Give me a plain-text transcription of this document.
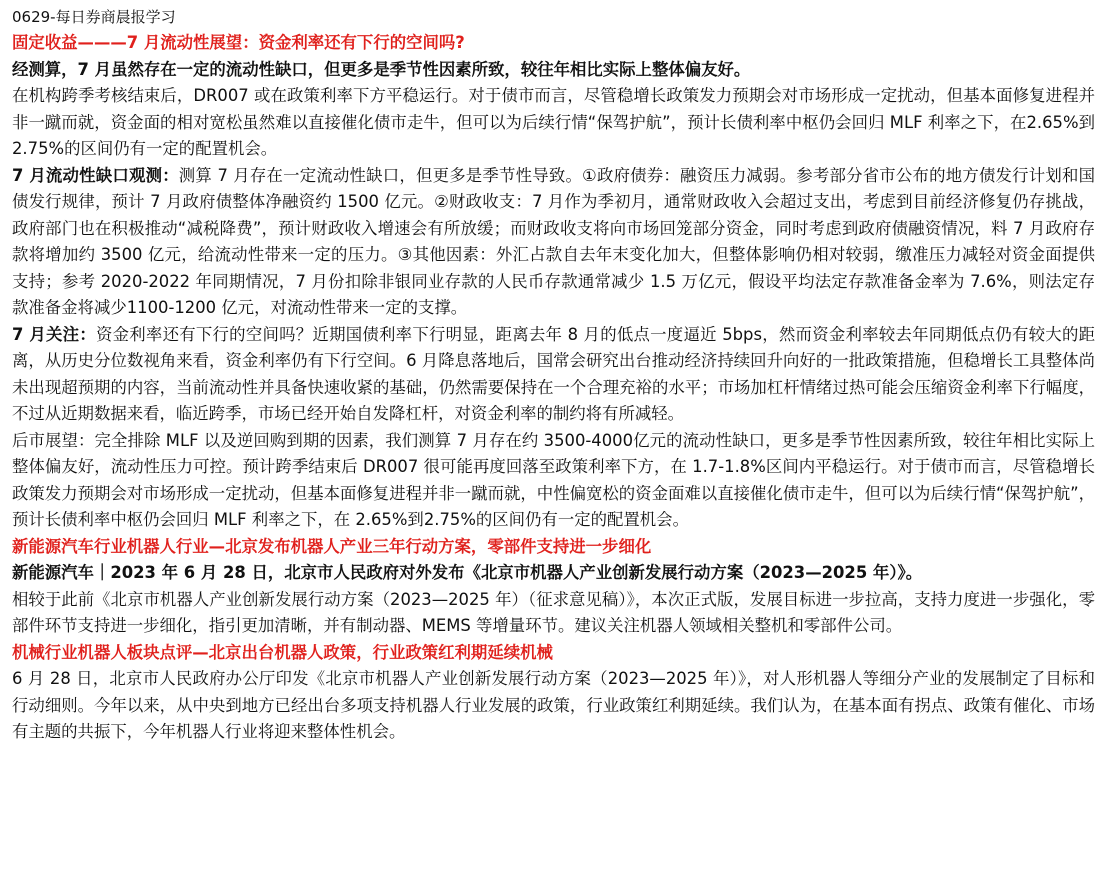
0629-每日券商晨报学习

固定收益———7 月流动性展望：资金利率还有下行的空间吗?

经测算，7 月虽然存在一定的流动性缺口，但更多是季节性因素所致，较往年相比实际上整体偏友好。

在机构跨季考核结束后，DR007 或在政策利率下方平稳运行。对于债市而言，尽管稳增长政策发力预期会对市场形成一定扰动，但基本面修复进程并非一蹴而就，资金面的相对宽松虽然难以直接催化债市走牛，但可以为后续行情“保驾护航”，预计长债利率中枢仍会回归 MLF 利率之下，在2.65%到 2.75%的区间仍有一定的配置机会。

7 月流动性缺口观测：测算 7 月存在一定流动性缺口，但更多是季节性导致。①政府债券：融资压力减弱。参考部分省市公布的地方债发行计划和国债发行规律，预计 7 月政府债整体净融资约 1500 亿元。②财政收支：7 月作为季初月，通常财政收入会超过支出，考虑到目前经济修复仍存挑战，政府部门也在积极推动“减税降费”，预计财政收入增速会有所放缓；而财政收支将向市场回笼部分资金，同时考虑到政府债融资情况，料 7 月政府存款将增加约 3500 亿元，给流动性带来一定的压力。③其他因素：外汇占款自去年末变化加大，但整体影响仍相对较弱，缴准压力减轻对资金面提供支持；参考 2020-2022 年同期情况，7 月份扣除非银同业存款的人民币存款通常减少 1.5 万亿元，假设平均法定存款准备金率为 7.6%，则法定存款准备金将减少1100-1200 亿元，对流动性带来一定的支撑。

7 月关注：资金利率还有下行的空间吗？近期国债利率下行明显，距离去年 8 月的低点一度逼近 5bps，然而资金利率较去年同期低点仍有较大的距离，从历史分位数视角来看，资金利率仍有下行空间。6 月降息落地后，国常会研究出台推动经济持续回升向好的一批政策措施，但稳增长工具整体尚未出现超预期的内容，当前流动性并具备快速收紧的基础，仍然需要保持在一个合理充裕的水平；市场加杠杆情绪过热可能会压缩资金利率下行幅度，不过从近期数据来看，临近跨季，市场已经开始自发降杠杆，对资金利率的制约将有所减轻。

后市展望：完全排除 MLF 以及逆回购到期的因素，我们测算 7 月存在约 3500-4000亿元的流动性缺口，更多是季节性因素所致，较往年相比实际上整体偏友好，流动性压力可控。预计跨季结束后 DR007 很可能再度回落至政策利率下方，在 1.7-1.8%区间内平稳运行。对于债市而言，尽管稳增长政策发力预期会对市场形成一定扰动，但基本面修复进程并非一蹴而就，中性偏宽松的资金面难以直接催化债市走牛，但可以为后续行情“保驾护航”，预计长债利率中枢仍会回归 MLF 利率之下，在 2.65%到2.75%的区间仍有一定的配置机会。

新能源汽车行业机器人行业—北京发布机器人产业三年行动方案，零部件支持进一步细化

新能源汽车｜2023 年 6 月 28 日，北京市人民政府对外发布《北京市机器人产业创新发展行动方案（2023—2025 年）》。

相较于此前《北京市机器人产业创新发展行动方案（2023—2025 年）（征求意见稿）》，本次正式版，发展目标进一步拉高，支持力度进一步强化，零部件环节支持进一步细化，指引更加清晰，并有制动器、MEMS 等增量环节。建议关注机器人领域相关整机和零部件公司。

机械行业机器人板块点评—北京出台机器人政策，行业政策红利期延续机械

6 月 28 日，北京市人民政府办公厅印发《北京市机器人产业创新发展行动方案（2023—2025 年）》，对人形机器人等细分产业的发展制定了目标和行动细则。今年以来，从中央到地方已经出台多项支持机器人行业发展的政策，行业政策红利期延续。我们认为，在基本面有拐点、政策有催化、市场有主题的共振下，今年机器人行业将迎来整体性机会。
